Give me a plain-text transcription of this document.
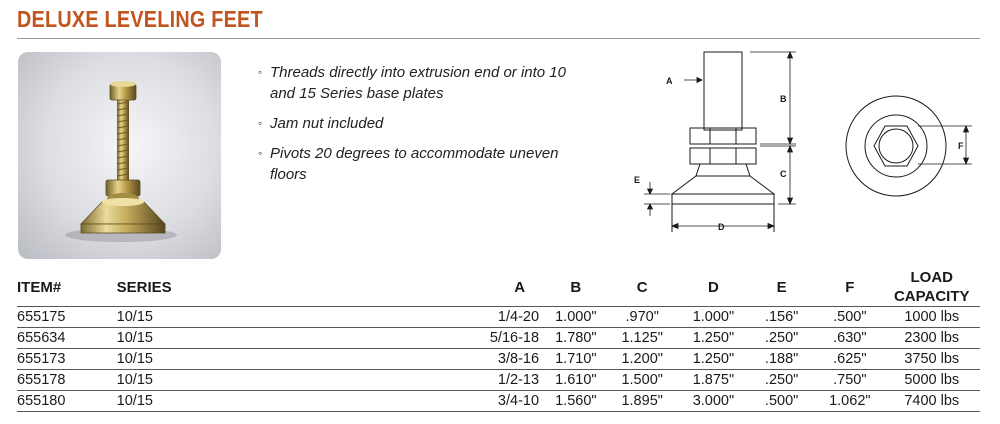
DELUXE LEVELING FEET
◦ Threads directly into extrusion end or into 10 and 15 Series base plates
◦ Jam nut included
◦ Pivots 20 degrees to accommodate uneven floors
A
B
C
D
E
F
ITEM#	SERIES	A	B	C	D	E	F	LOAD CAPACITY
655175	10/15	1/4-20	1.000"	.970"	1.000"	.156"	.500"	1000 lbs
655634	10/15	5/16-18	1.780"	1.125"	1.250"	.250"	.630"	2300 lbs
655173	10/15	3/8-16	1.710"	1.200"	1.250"	.188"	.625"	3750 lbs
655178	10/15	1/2-13	1.610"	1.500"	1.875"	.250"	.750"	5000 lbs
655180	10/15	3/4-10	1.560"	1.895"	3.000"	.500"	1.062"	7400 lbs
